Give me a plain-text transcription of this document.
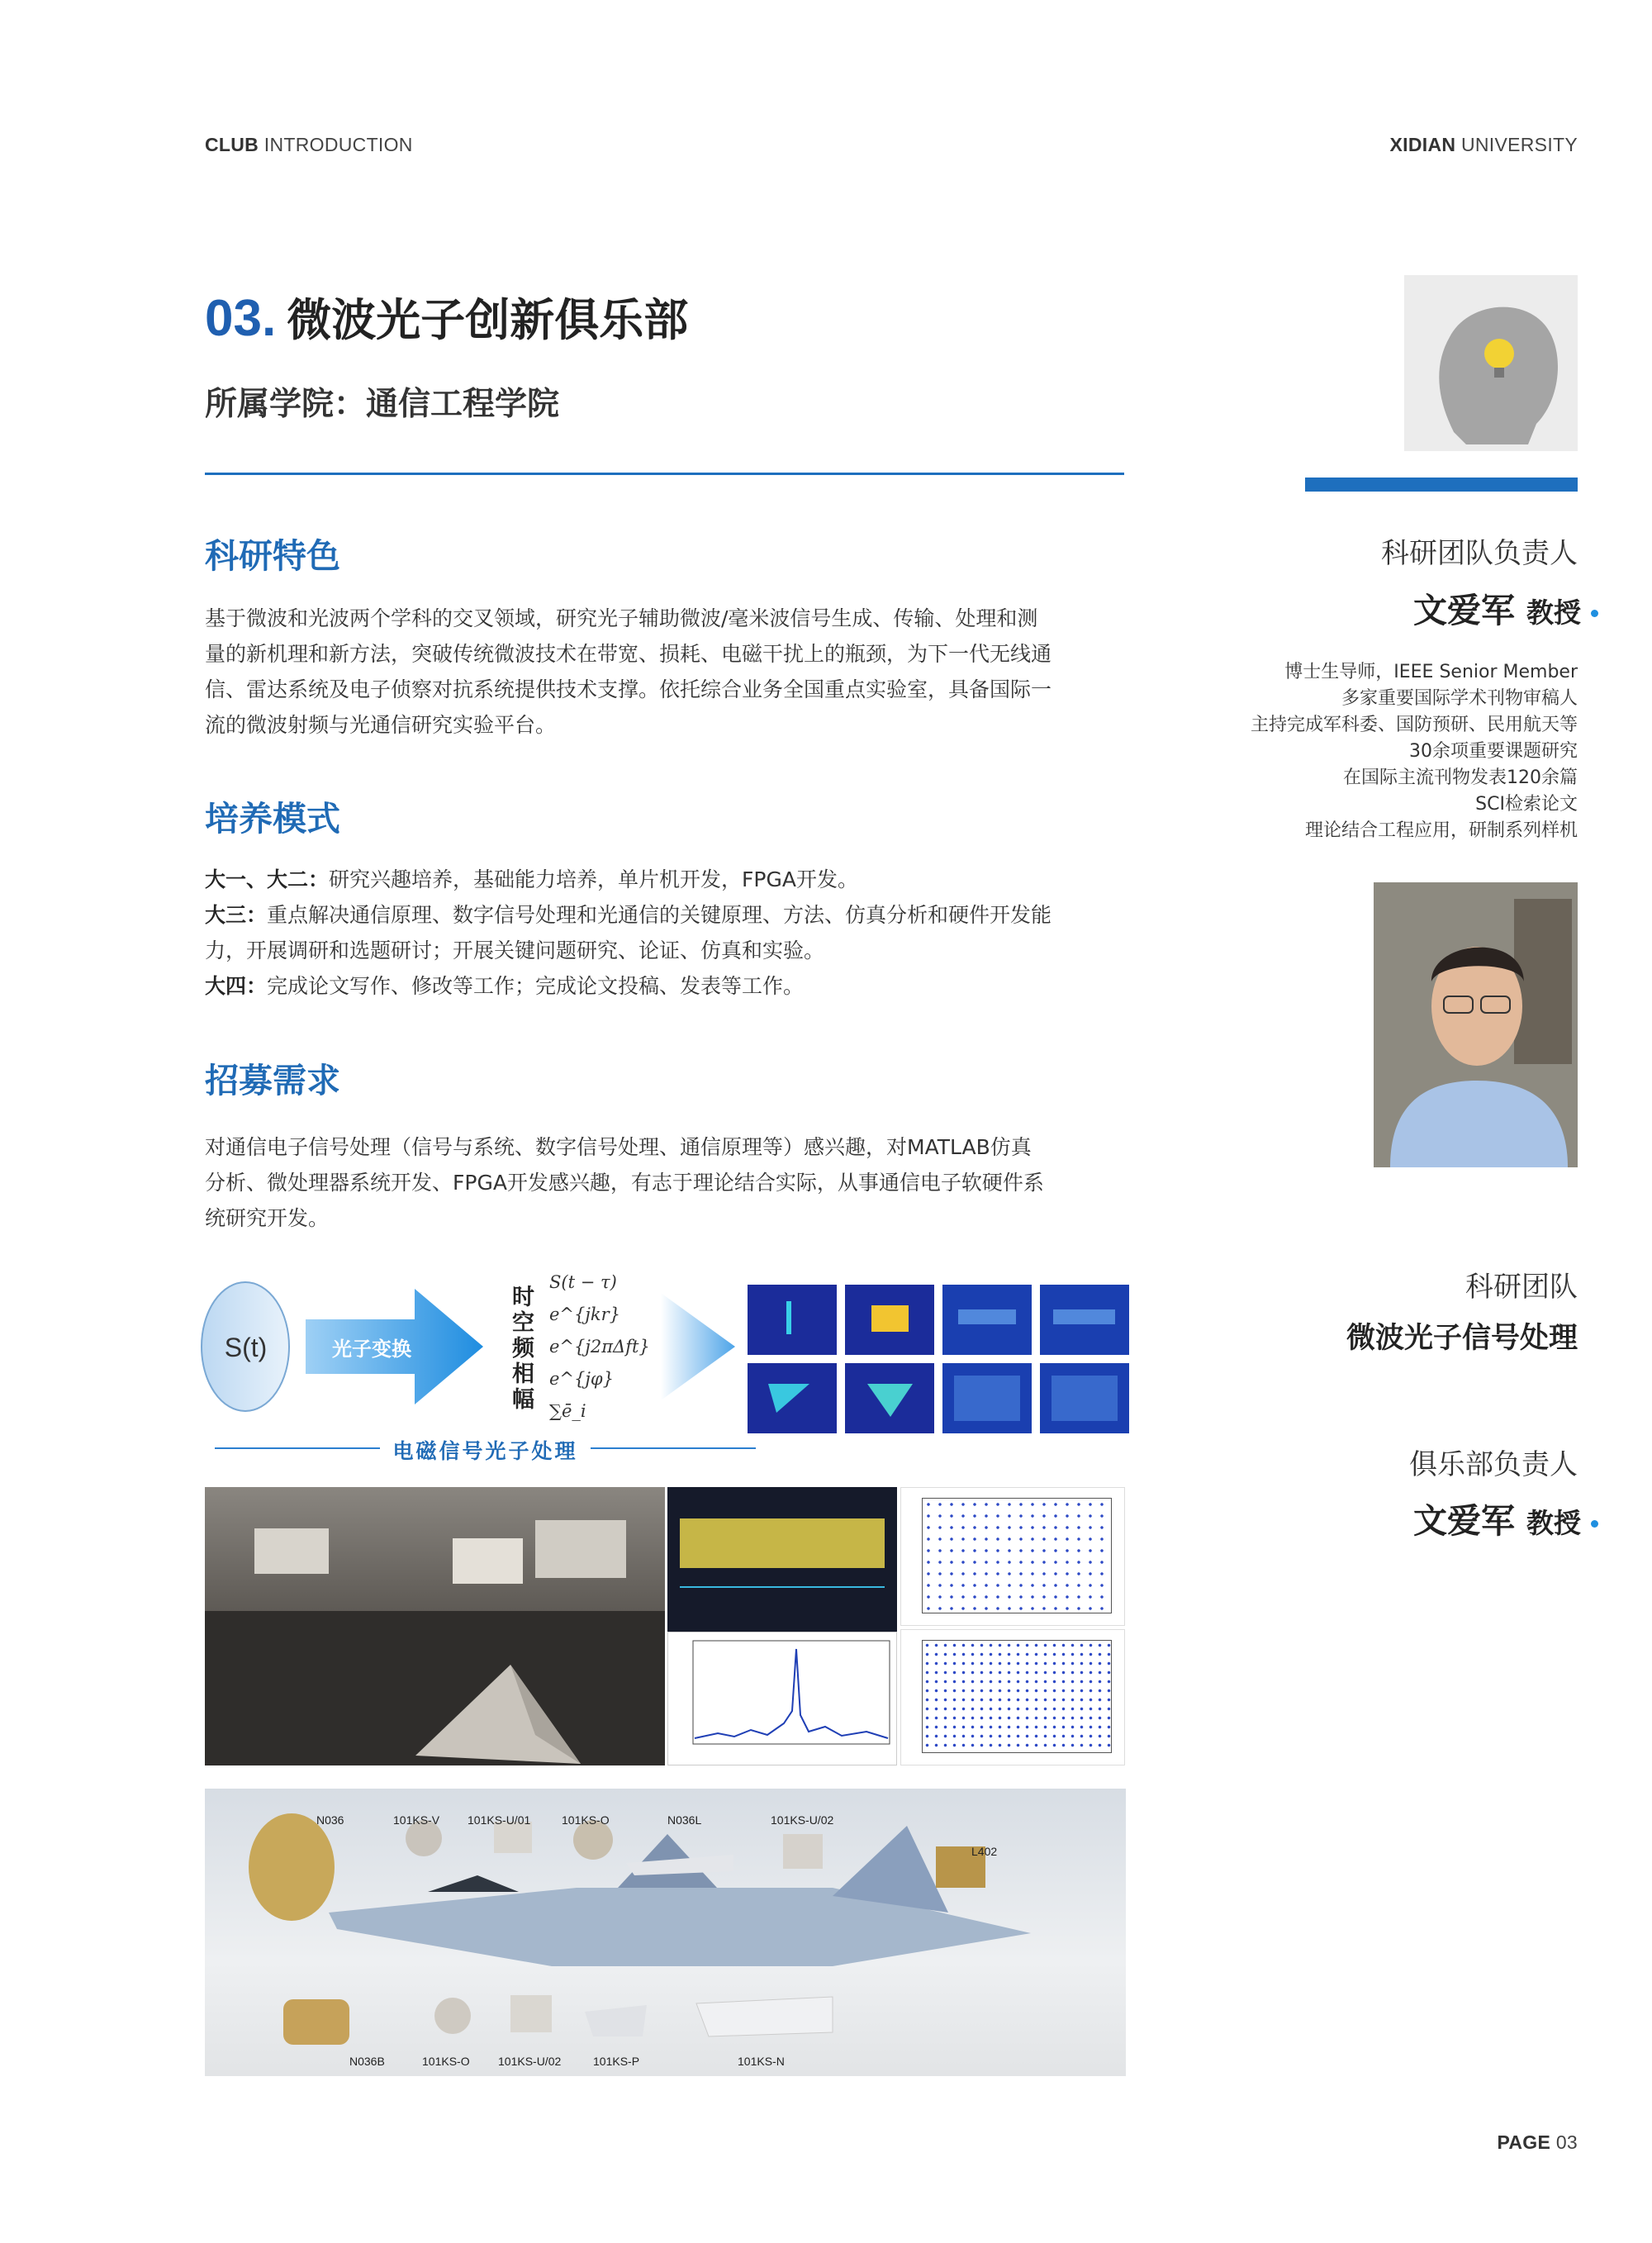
CLUB INTRODUCTION	XIDIAN UNIVERSITY
03. 微波光子创新俱乐部
所属学院：通信工程学院
科研特色
基于微波和光波两个学科的交叉领域，研究光子辅助微波/毫米波信号生成、传输、处理和测
量的新机理和新方法，突破传统微波技术在带宽、损耗、电磁干扰上的瓶颈，为下一代无线通
信、雷达系统及电子侦察对抗系统提供技术支撑。依托综合业务全国重点实验室，具备国际一
流的微波射频与光通信研究实验平台。
培养模式
大一、大二：研究兴趣培养，基础能力培养，单片机开发，FPGA开发。
大三：重点解决通信原理、数字信号处理和光通信的关键原理、方法、仿真分析和硬件开发能
力，开展调研和选题研讨；开展关键问题研究、论证、仿真和实验。
大四：完成论文写作、修改等工作；完成论文投稿、发表等工作。
招募需求
对通信电子信号处理（信号与系统、数字信号处理、通信原理等）感兴趣，对MATLAB仿真
分析、微处理器系统开发、FPGA开发感兴趣，有志于理论结合实际，从事通信电子软硬件系
统研究开发。
S(t)	光子变换
时空频相幅
S(t − τ)
e^{jkr}
e^{j2πΔft}
e^{jφ}
∑ē_i
电磁信号光子处理
N036	101KS-V 101KS-U/01	101KS-O	N036L	101KS-U/02
L402
N036B	101KS-O 101KS-U/02	101KS-P	101KS-N
科研团队负责人
文爱军 教授
博士生导师，IEEE Senior Member
多家重要国际学术刊物审稿人
主持完成军科委、国防预研、民用航天等
30余项重要课题研究
在国际主流刊物发表120余篇
SCI检索论文
理论结合工程应用，研制系列样机
科研团队
微波光子信号处理
俱乐部负责人
文爱军 教授
PAGE 03
